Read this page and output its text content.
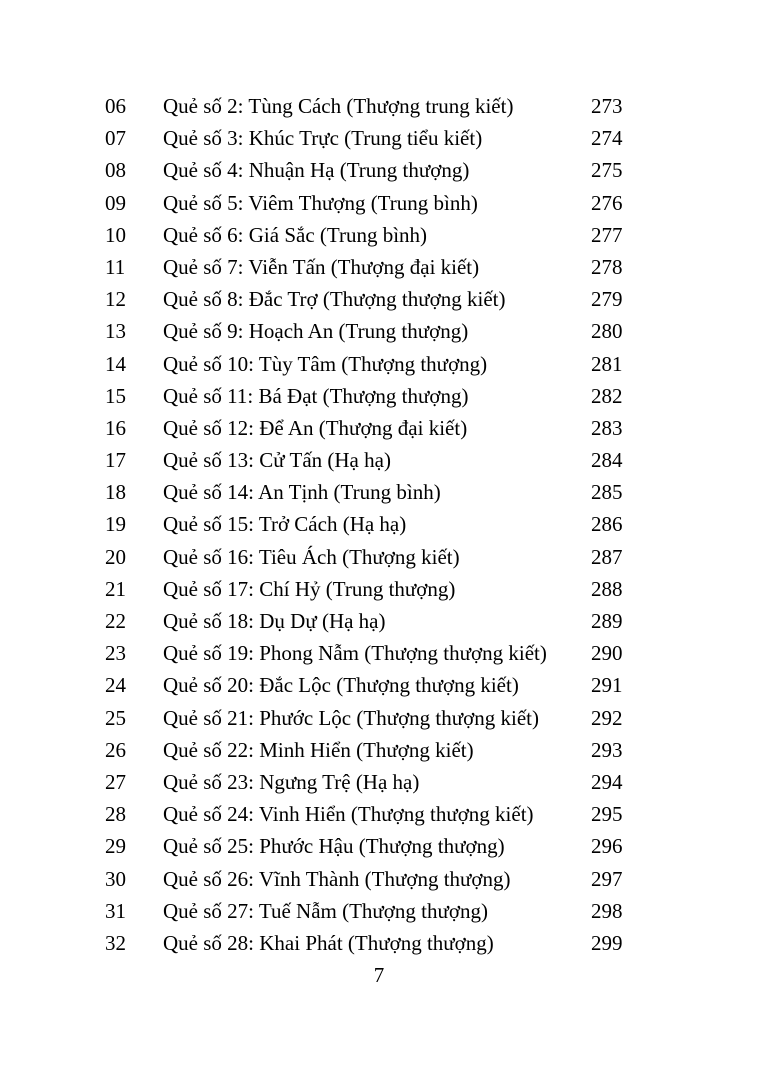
06 Quẻ số 2: Tùng Cách (Thượng trung kiết)	273
07 Quẻ số 3: Khúc Trực (Trung tiểu kiết)	274
08 Quẻ số 4: Nhuận Hạ (Trung thượng)	275
09 Quẻ số 5: Viêm Thượng (Trung bình)	276
10 Quẻ số 6: Giá Sắc (Trung bình)	277
11 Quẻ số 7: Viễn Tấn (Thượng đại kiết)	278
12 Quẻ số 8: Đắc Trợ (Thượng thượng kiết)	279
13 Quẻ số 9: Hoạch An (Trung thượng)	280
14 Quẻ số 10: Tùy Tâm (Thượng thượng)	281
15 Quẻ số 11: Bá Đạt (Thượng thượng)	282
16 Quẻ số 12: Để An (Thượng đại kiết)	283
17 Quẻ số 13: Cử Tấn (Hạ hạ)	284
18 Quẻ số 14: An Tịnh (Trung bình)	285
19 Quẻ số 15: Trở Cách (Hạ hạ)	286
20 Quẻ số 16: Tiêu Ách (Thượng kiết)	287
21 Quẻ số 17: Chí Hỷ (Trung thượng)	288
22 Quẻ số 18: Dụ Dự (Hạ hạ)	289
23 Quẻ số 19: Phong Nẫm (Thượng thượng kiết) 290
24 Quẻ số 20: Đắc Lộc (Thượng thượng kiết)	291
25 Quẻ số 21: Phước Lộc (Thượng thượng kiết) 292
26 Quẻ số 22: Minh Hiển (Thượng kiết)	293
27 Quẻ số 23: Ngưng Trệ (Hạ hạ)	294
28 Quẻ số 24: Vinh Hiển (Thượng thượng kiết)	295
29 Quẻ số 25: Phước Hậu (Thượng thượng)	296
30 Quẻ số 26: Vĩnh Thành (Thượng thượng)	297
31 Quẻ số 27: Tuế Nẫm (Thượng thượng)	298
32 Quẻ số 28: Khai Phát (Thượng thượng)	299
7
